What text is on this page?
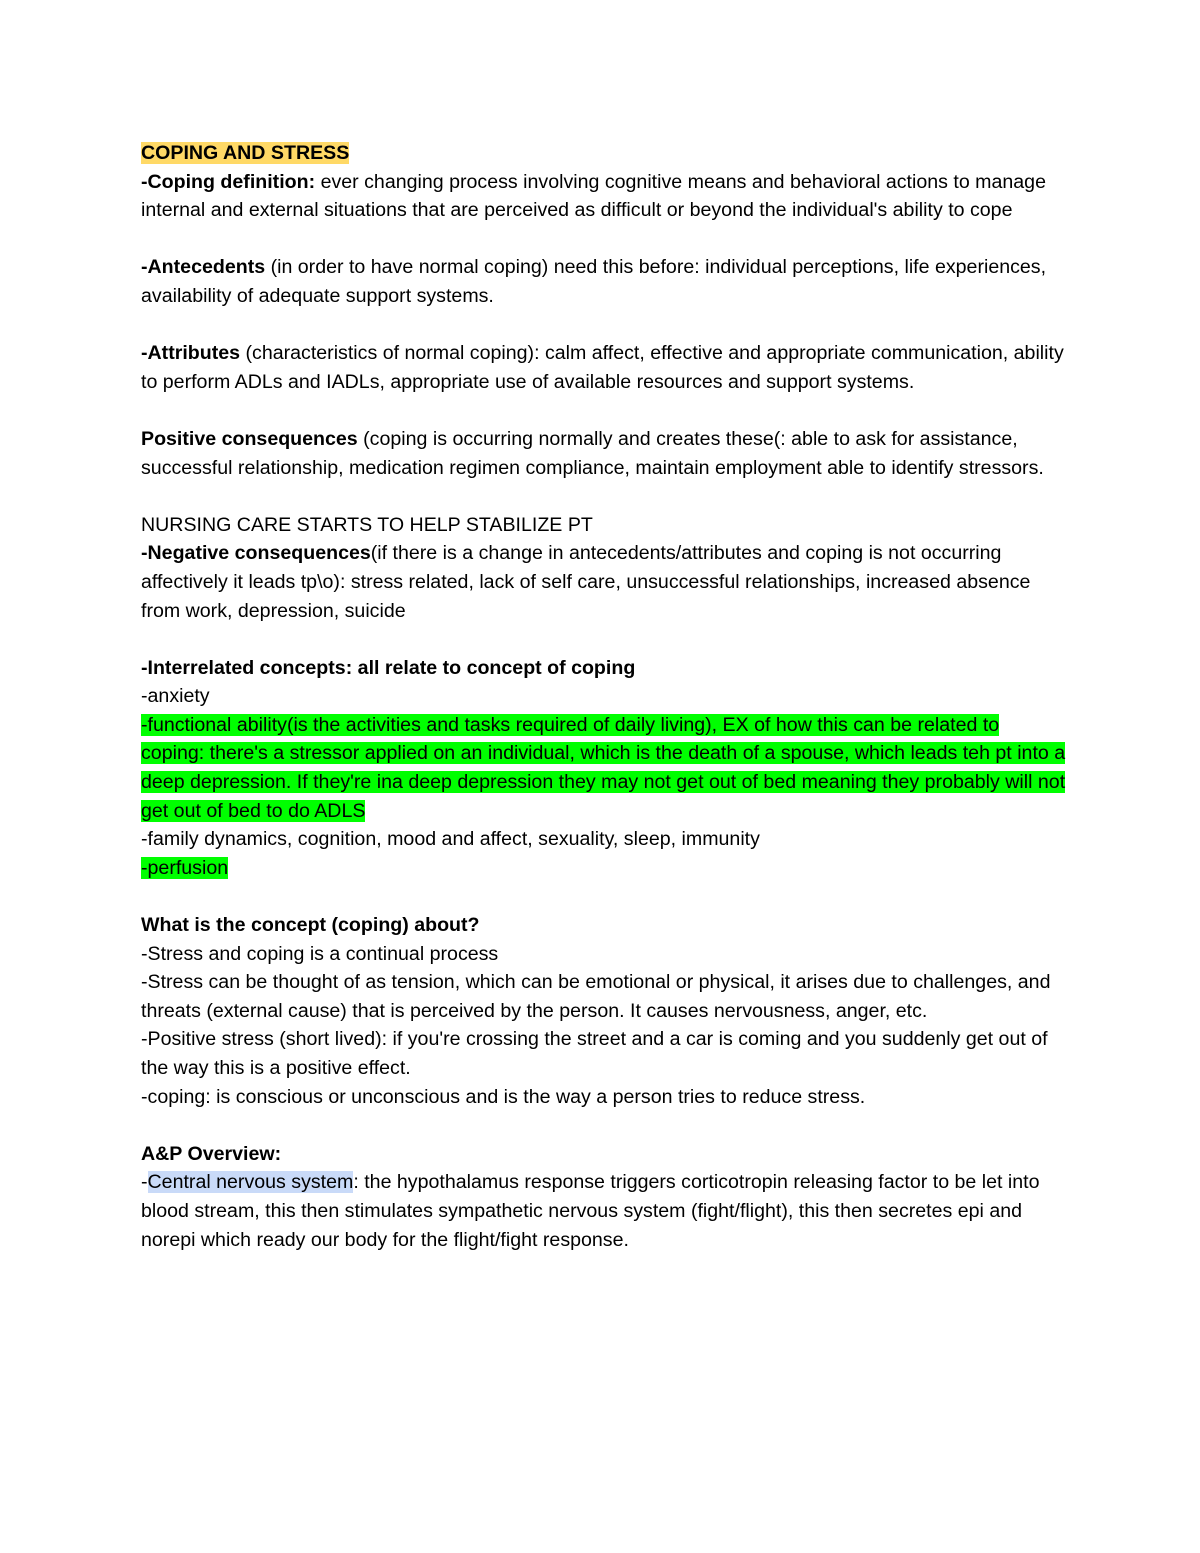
COPING AND STRESS

-Coping definition: ever changing process involving cognitive means and behavioral actions to manage internal and external situations that are perceived as difficult or beyond the individual's ability to cope

-Antecedents (in order to have normal coping) need this before: individual perceptions, life experiences, availability of adequate support systems.

-Attributes (characteristics of normal coping): calm affect, effective and appropriate communication, ability to perform ADLs and IADLs, appropriate use of available resources and support systems.

Positive consequences (coping is occurring normally and creates these(: able to ask for assistance, successful relationship, medication regimen compliance, maintain employment able to identify stressors.

NURSING CARE STARTS TO HELP STABILIZE PT

-Negative consequences(if there is a change in antecedents/attributes and coping is not occurring affectively it leads tp\o): stress related, lack of self care, unsuccessful relationships, increased absence from work, depression, suicide

-Interrelated concepts: all relate to concept of coping

-anxiety

-functional ability(is the activities and tasks required of daily living), EX of how this can be related to coping: there's a stressor applied on an individual, which is the death of a spouse, which leads teh pt into a deep depression. If they're ina deep depression they may not get out of bed meaning they probably will not get out of bed to do ADLS

-family dynamics, cognition, mood and affect, sexuality, sleep, immunity

-perfusion

What is the concept (coping) about?

-Stress and coping is a continual process

-Stress can be thought of as tension, which can be emotional or physical, it arises due to challenges, and threats (external cause) that is perceived by the person. It causes nervousness, anger, etc.

-Positive stress (short lived): if you're crossing the street and a car is coming and you suddenly get out of the way this is a positive effect.

-coping: is conscious or unconscious and is the way a person tries to reduce stress.

A&P Overview:

-Central nervous system: the hypothalamus response triggers corticotropin releasing factor to be let into blood stream, this then stimulates sympathetic nervous system (fight/flight), this then secretes epi and norepi which ready our body for the flight/fight response.
